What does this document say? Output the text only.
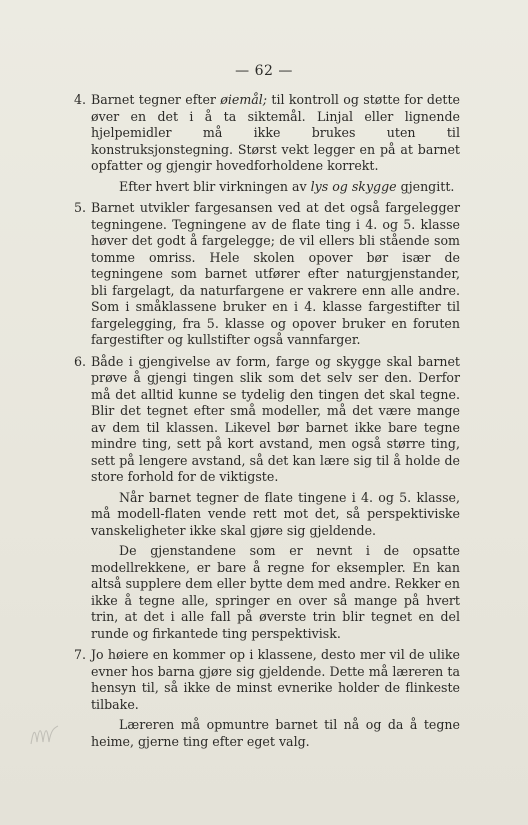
— 62 —
4. Barnet tegner efter øiemål; til kontroll og støtte for dette øver en det i å ta siktemål. Linjal eller lignende hjelpemidler må ikke brukes uten til konstruksjonstegning. Størst vekt legger en på at barnet opfatter og gjengir hovedforholdene korrekt.

Efter hvert blir virkningen av lys og skygge gjengitt.

5. Barnet utvikler fargesansen ved at det også fargelegger tegningene. Tegningene av de flate ting i 4. og 5. klasse høver det godt å fargelegge; de vil ellers bli stående som tomme omriss. Hele skolen opover bør især de tegningene som barnet utfører efter naturgjenstander, bli fargelagt, da naturfargene er vakrere enn alle andre. Som i småklassene bruker en i 4. klasse fargestifter til fargelegging, fra 5. klasse og opover bruker en foruten fargestifter og kullstifter også vannfarger.

6. Både i gjengivelse av form, farge og skygge skal barnet prøve å gjengi tingen slik som det selv ser den. Derfor må det alltid kunne se tydelig den tingen det skal tegne. Blir det tegnet efter små modeller, må det være mange av dem til klassen. Likevel bør barnet ikke bare tegne mindre ting, sett på kort avstand, men også større ting, sett på lengere avstand, så det kan lære sig til å holde de store forhold for de viktigste.

Når barnet tegner de flate tingene i 4. og 5. klasse, må modell-flaten vende rett mot det, så perspektiviske vanskeligheter ikke skal gjøre sig gjeldende.

De gjenstandene som er nevnt i de opsatte modellrekkene, er bare å regne for eksempler. En kan altså supplere dem eller bytte dem med andre. Rekker en ikke å tegne alle, springer en over så mange på hvert trin, at det i alle fall på øverste trin blir tegnet en del runde og firkantede ting perspektivisk.

7. Jo høiere en kommer op i klassene, desto mer vil de ulike evner hos barna gjøre sig gjeldende. Dette må læreren ta hensyn til, så ikke de minst evnerike holder de flinkeste tilbake.

Læreren må opmuntre barnet til nå og da å tegne heime, gjerne ting efter eget valg.
